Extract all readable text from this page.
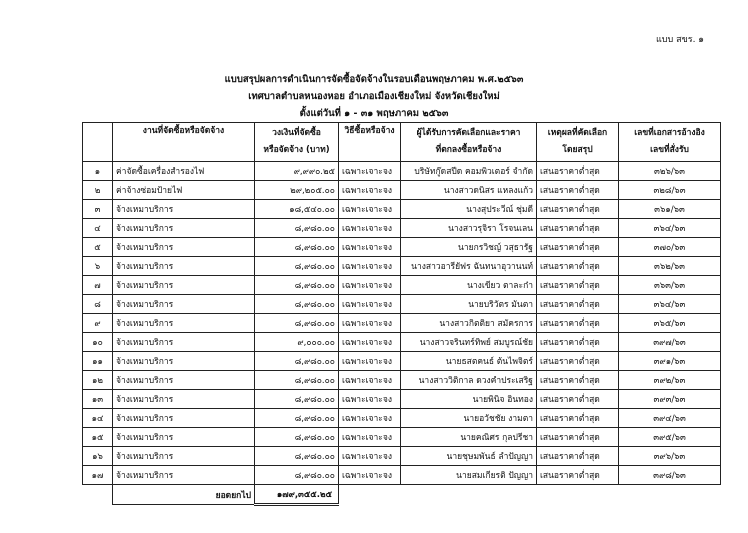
แบบ สขร. ๑
แบบสรุปผลการดำเนินการจัดซื้อจัดจ้างในรอบเดือนพฤษภาคม พ.ศ.๒๕๖๓
เทศบาลตำบลหนองหอย อำเภอเมืองเชียงใหม่ จังหวัดเชียงใหม่
ตั้งแต่วันที่ ๑ - ๓๑ พฤษภาคม ๒๕๖๓
	งานที่จัดซื้อหรือจัดจ้าง	วงเงินที่จัดซื้อ
หรือจัดจ้าง (บาท)	วิธีซื้อหรือจ้าง	ผู้ได้รับการคัดเลือกและราคา
ที่ตกลงซื้อหรือจ้าง	เหตุผลที่คัดเลือก
โดยสรุป	เลขที่เอกสารอ้างอิง
เลขที่สั่งรับ
๑	ค่าจัดซื้อเครื่องสำรองไฟ	๙,๙๙๐.๒๕	เฉพาะเจาะจง	บริษัทกู๊ดสปีด คอมพิวเตอร์ จำกัด	เสนอราคาต่ำสุด	๓๒๖/๖๓
๒	ค่าจ้างซ่อมป้ายไฟ	๒๙,๒๐๕.๐๐	เฉพาะเจาะจง	นางสาวดนิสร แหลงแก้ว	เสนอราคาต่ำสุด	๓๒๘/๖๓
๓	จ้างเหมาบริการ	๑๘,๕๔๐.๐๐	เฉพาะเจาะจง	นางสุประวีณ์ ชุ่มดี	เสนอราคาต่ำสุด	๓๖๑/๖๓
๔	จ้างเหมาบริการ	๘,๙๘๐.๐๐	เฉพาะเจาะจง	นางสาวรุจิรา โรจนเลน	เสนอราคาต่ำสุด	๓๖๔/๖๓
๕	จ้างเหมาบริการ	๘,๙๘๐.๐๐	เฉพาะเจาะจง	นายกรวิชญ์ วสุธารัฐ	เสนอราคาต่ำสุด	๓๗๐/๖๓
๖	จ้างเหมาบริการ	๘,๙๘๐.๐๐	เฉพาะเจาะจง	นางสาวอารียัฟร ฉันทนาอุวานนท์	เสนอราคาต่ำสุด	๓๖๒/๖๓
๗	จ้างเหมาบริการ	๘,๙๘๐.๐๐	เฉพาะเจาะจง	นางเขียว ตาละก๋า	เสนอราคาต่ำสุด	๓๖๓/๖๓
๘	จ้างเหมาบริการ	๘,๙๘๐.๐๐	เฉพาะเจาะจง	นายบริวัตร มันตา	เสนอราคาต่ำสุด	๓๖๔/๖๓
๙	จ้างเหมาบริการ	๘,๙๘๐.๐๐	เฉพาะเจาะจง	นางสาวกิตติยา สมัครการ	เสนอราคาต่ำสุด	๓๖๕/๖๓
๑๐	จ้างเหมาบริการ	๙,๐๐๐.๐๐	เฉพาะเจาะจง	นางสาวจรินทร์ทิพย์ สมบูรณ์ชัย	เสนอราคาต่ำสุด	๓๙๗/๖๓
๑๑	จ้างเหมาบริการ	๘,๙๘๐.๐๐	เฉพาะเจาะจง	นายธสตคนธ์ ต้นไพจิตร์	เสนอราคาต่ำสุด	๓๙๑/๖๓
๑๒	จ้างเหมาบริการ	๘,๙๘๐.๐๐	เฉพาะเจาะจง	นางสาววิติกาล ดวงคำประเสริฐ	เสนอราคาต่ำสุด	๓๙๒/๖๓
๑๓	จ้างเหมาบริการ	๘,๙๘๐.๐๐	เฉพาะเจาะจง	นายพินิจ อินทอง	เสนอราคาต่ำสุด	๓๙๓/๖๓
๑๔	จ้างเหมาบริการ	๘,๙๘๐.๐๐	เฉพาะเจาะจง	นายอวัชชัย งามตา	เสนอราคาต่ำสุด	๓๙๔/๖๓
๑๕	จ้างเหมาบริการ	๘,๙๘๐.๐๐	เฉพาะเจาะจง	นายคณิศร กุลปรีชา	เสนอราคาต่ำสุด	๓๙๕/๖๓
๑๖	จ้างเหมาบริการ	๘,๙๘๐.๐๐	เฉพาะเจาะจง	นายชุษมพันธ์ ลำปัญญา	เสนอราคาต่ำสุด	๓๙๖/๖๓
๑๗	จ้างเหมาบริการ	๘,๙๘๐.๐๐	เฉพาะเจาะจง	นายสมเกียรติ ปัญญา	เสนอราคาต่ำสุด	๓๙๘/๖๓
	ยอดยกไป	๑๗๙,๓๕๕.๒๕				
